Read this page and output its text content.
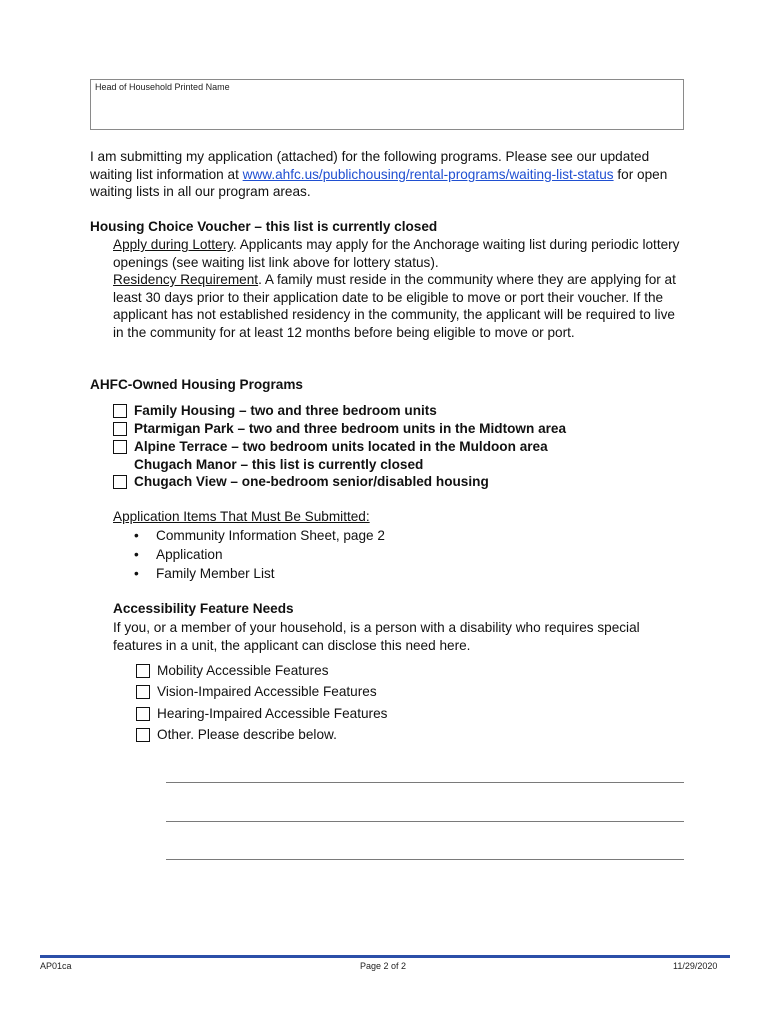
Head of Household Printed Name
I am submitting my application (attached) for the following programs. Please see our updated waiting list information at www.ahfc.us/publichousing/rental-programs/waiting-list-status for open waiting lists in all our program areas.
Housing Choice Voucher – this list is currently closed
Apply during Lottery. Applicants may apply for the Anchorage waiting list during periodic lottery openings (see waiting list link above for lottery status).
Residency Requirement. A family must reside in the community where they are applying for at least 30 days prior to their application date to be eligible to move or port their voucher. If the applicant has not established residency in the community, the applicant will be required to live in the community for at least 12 months before being eligible to move or port.
AHFC-Owned Housing Programs
Family Housing – two and three bedroom units
Ptarmigan Park – two and three bedroom units in the Midtown area
Alpine Terrace – two bedroom units located in the Muldoon area
Chugach Manor – this list is currently closed
Chugach View – one-bedroom senior/disabled housing
Application Items That Must Be Submitted:
• Community Information Sheet, page 2
• Application
• Family Member List
Accessibility Feature Needs
If you, or a member of your household, is a person with a disability who requires special features in a unit, the applicant can disclose this need here.
Mobility Accessible Features
Vision-Impaired Accessible Features
Hearing-Impaired Accessible Features
Other. Please describe below.
AP01ca	Page 2 of 2	11/29/2020
